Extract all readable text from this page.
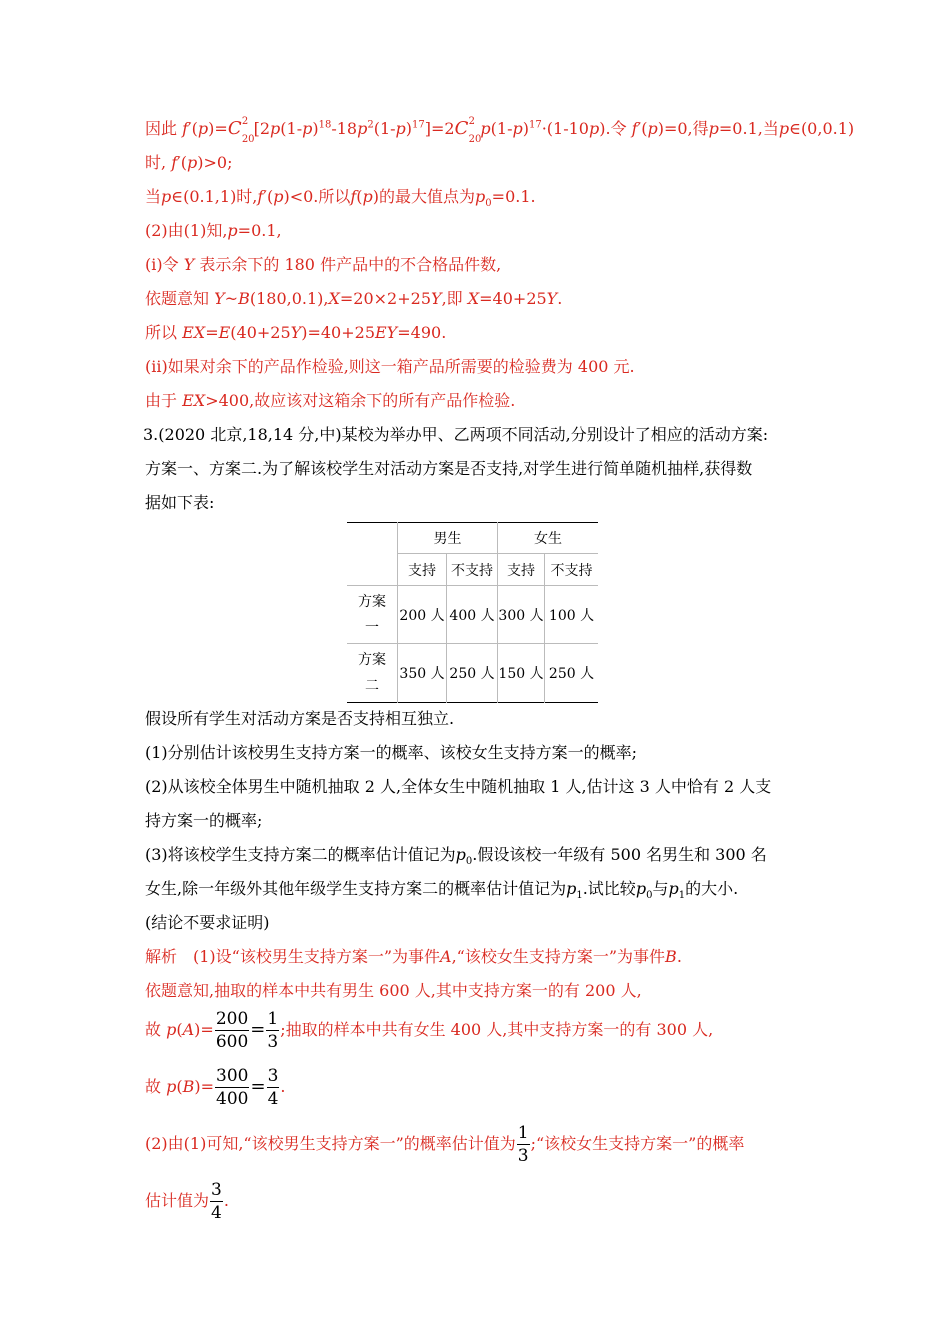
因此 f′(p)=C 2
20
$[2p(1-p)^{18}-18p^2(1-p)^{17}]=2C$ 2
20
$p(1-p)^{17}\cdot(1-10p)$.令 f′(p)=0,得p=0.1,当p∈(0,0.1)
时, f′(p)>0;
当p∈(0.1,1)时,f′(p)<0.所以f(p)的最大值点为$p_0=0.1$.
(2)由(1)知,p=0.1,
(i)令 Y 表示余下的 180 件产品中的不合格品件数,
依题意知 Y~B(180,0.1),X=20×2+25Y,即 X=40+25Y.
所以 EX=E(40+25Y)=40+25EY=490.
(ii)如果对余下的产品作检验,则这一箱产品所需要的检验费为 400 元.
由于 EX>400,故应该对这箱余下的所有产品作检验.
3.(2020 北京,18,14 分,中)某校为举办甲、乙两项不同活动,分别设计了相应的活动方案:
方案一、方案二.为了解该校学生对活动方案是否支持,对学生进行简单随机抽样,获得数
据如下表:
	男生		女生	
	支持	不支持	支持	不支持
方案
一	200 人	400 人	300 人	100 人
方案
二	350 人	250 人	150 人	250 人
假设所有学生对活动方案是否支持相互独立.
(1)分别估计该校男生支持方案一的概率、该校女生支持方案一的概率;
(2)从该校全体男生中随机抽取 2 人,全体女生中随机抽取 1 人,估计这 3 人中恰有 2 人支
持方案一的概率;
(3)将该校学生支持方案二的概率估计值记为$p_0$.假设该校一年级有 500 名男生和 300 名
女生,除一年级外其他年级学生支持方案二的概率估计值记为$p_1$.试比较$p_0$与$p_1$的大小.
(结论不要求证明)
解析　(1)设“该校男生支持方案一”为事件A,“该校女生支持方案一”为事件B.
依题意知,抽取的样本中共有男生 600 人,其中支持方案一的有 200 人,
故 $p(A)= \frac{200}{600} = \frac{1}{3}$ ;抽取的样本中共有女生 400 人,其中支持方案一的有 300 人,
故 $p(B)= \frac{300}{400} = \frac{3}{4}$ .
(2)由(1)可知,“该校男生支持方案一”的概率估计值为 $\frac{1}{3}$ ;“该校女生支持方案一”的概率
估计值为 $\frac{3}{4}$ .
